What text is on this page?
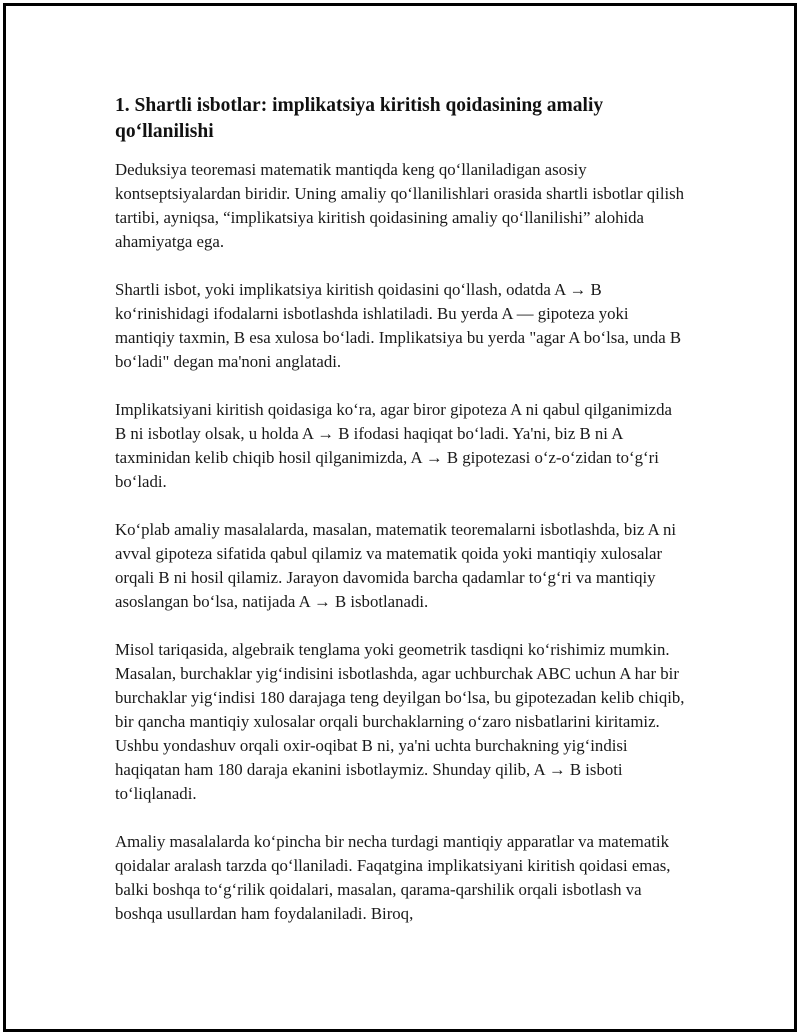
1. Shartli isbotlar: implikatsiya kiritish qoidasining amaliy qo‘llanilishi

Deduksiya teoremasi matematik mantiqda keng qo‘llaniladigan asosiy kontseptsiyalardan biridir. Uning amaliy qo‘llanilishlari orasida shartli isbotlar qilish tartibi, ayniqsa, “implikatsiya kiritish qoidasining amaliy qo‘llanilishi” alohida ahamiyatga ega.

Shartli isbot, yoki implikatsiya kiritish qoidasini qo‘llash, odatda A → B ko‘rinishidagi ifodalarni isbotlashda ishlatiladi. Bu yerda A — gipoteza yoki mantiqiy taxmin, B esa xulosa bo‘ladi. Implikatsiya bu yerda "agar A bo‘lsa, unda B bo‘ladi" degan ma'noni anglatadi.

Implikatsiyani kiritish qoidasiga ko‘ra, agar biror gipoteza A ni qabul qilganimizda B ni isbotlay olsak, u holda A → B ifodasi haqiqat bo‘ladi. Ya'ni, biz B ni A taxminidan kelib chiqib hosil qilganimizda, A → B gipotezasi o‘z-o‘zidan to‘g‘ri bo‘ladi.

Ko‘plab amaliy masalalarda, masalan, matematik teoremalarni isbotlashda, biz A ni avval gipoteza sifatida qabul qilamiz va matematik qoida yoki mantiqiy xulosalar orqali B ni hosil qilamiz. Jarayon davomida barcha qadamlar to‘g‘ri va mantiqiy asoslangan bo‘lsa, natijada A → B isbotlanadi.

Misol tariqasida, algebraik tenglama yoki geometrik tasdiqni ko‘rishimiz mumkin. Masalan, burchaklar yig‘indisini isbotlashda, agar uchburchak ABC uchun A har bir burchaklar yig‘indisi 180 darajaga teng deyilgan bo‘lsa, bu gipotezadan kelib chiqib, bir qancha mantiqiy xulosalar orqali burchaklarning o‘zaro nisbatlarini kiritamiz. Ushbu yondashuv orqali oxir-oqibat B ni, ya'ni uchta burchakning yig‘indisi haqiqatan ham 180 daraja ekanini isbotlaymiz. Shunday qilib, A → B isboti to‘liqlanadi.

Amaliy masalalarda ko‘pincha bir necha turdagi mantiqiy apparatlar va matematik qoidalar aralash tarzda qo‘llaniladi. Faqatgina implikatsiyani kiritish qoidasi emas, balki boshqa to‘g‘rilik qoidalari, masalan, qarama-qarshilik orqali isbotlash va boshqa usullardan ham foydalaniladi. Biroq,
